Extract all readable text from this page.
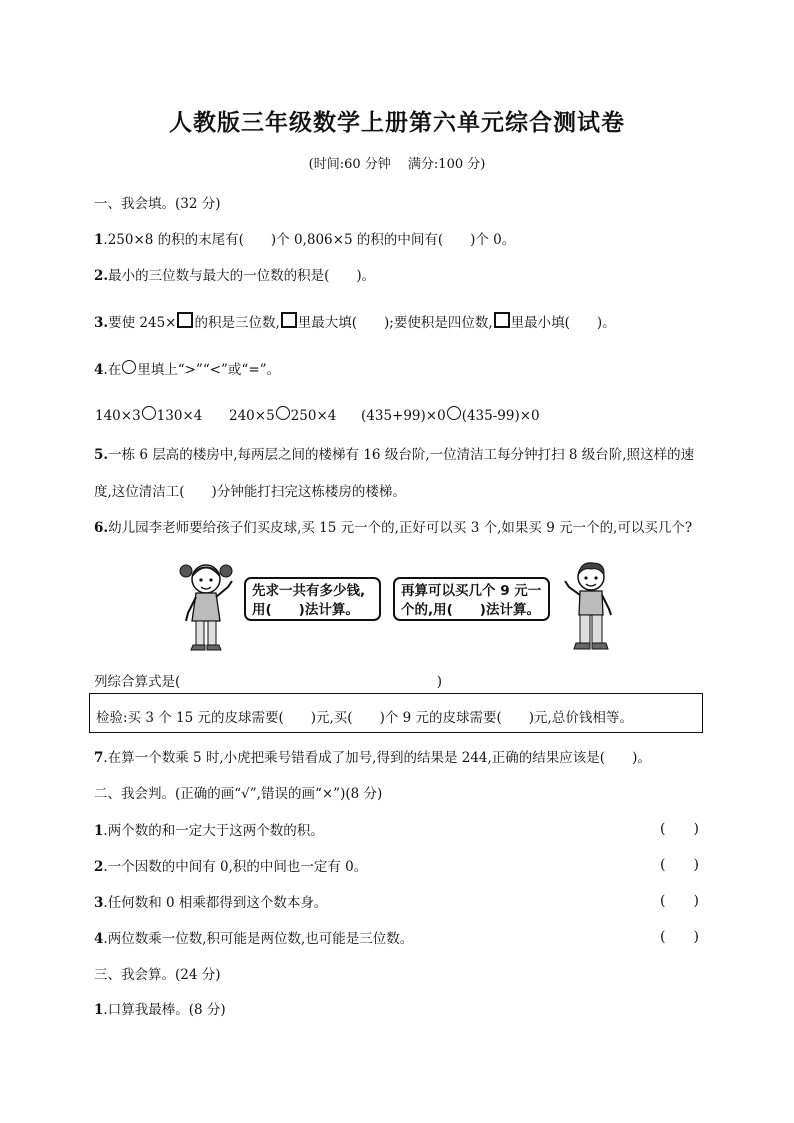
人教版三年级数学上册第六单元综合测试卷
(时间:60 分钟　 满分:100 分)
一、我会填。(32 分)
1.250×8 的积的末尾有(　　)个 0,806×5 的积的中间有(　　)个 0。
2.最小的三位数与最大的一位数的积是(　　)。
3.要使 245× 的积是三位数, 里最大填(　　);要使积是四位数, 里最小填(　　)。
4.在 里填上“>”“<”或“=”。
140×3 130×4 240×5 250×4 (435+99)×0 (435-99)×0
5.一栋 6 层高的楼房中,每两层之间的楼梯有 16 级台阶,一位清洁工每分钟打扫 8 级台阶,照这样的速
度,这位清洁工(　　)分钟能打扫完这栋楼房的楼梯。
6.幼儿园李老师要给孩子们买皮球,买 15 元一个的,正好可以买 3 个,如果买 9 元一个的,可以买几个?
先求一共有多少钱,
用(　　)法计算。
再算可以买几个 9 元一
个的,用(　　)法计算。
列综合算式是(　　　　　　　　　　　　　　　　　　　)
检验:买 3 个 15 元的皮球需要(　　)元,买(　　)个 9 元的皮球需要(　　)元,总价钱相等。
7.在算一个数乘 5 时,小虎把乘号错看成了加号,得到的结果是 244,正确的结果应该是(　　)。
二、我会判。(正确的画“√”,错误的画“×”)(8 分)
1.两个数的和一定大于这两个数的积。	(　　)
2.一个因数的中间有 0,积的中间也一定有 0。	(　　)
3.任何数和 0 相乘都得到这个数本身。	(　　)
4.两位数乘一位数,积可能是两位数,也可能是三位数。	(　　)
三、我会算。(24 分)
1.口算我最棒。(8 分)
